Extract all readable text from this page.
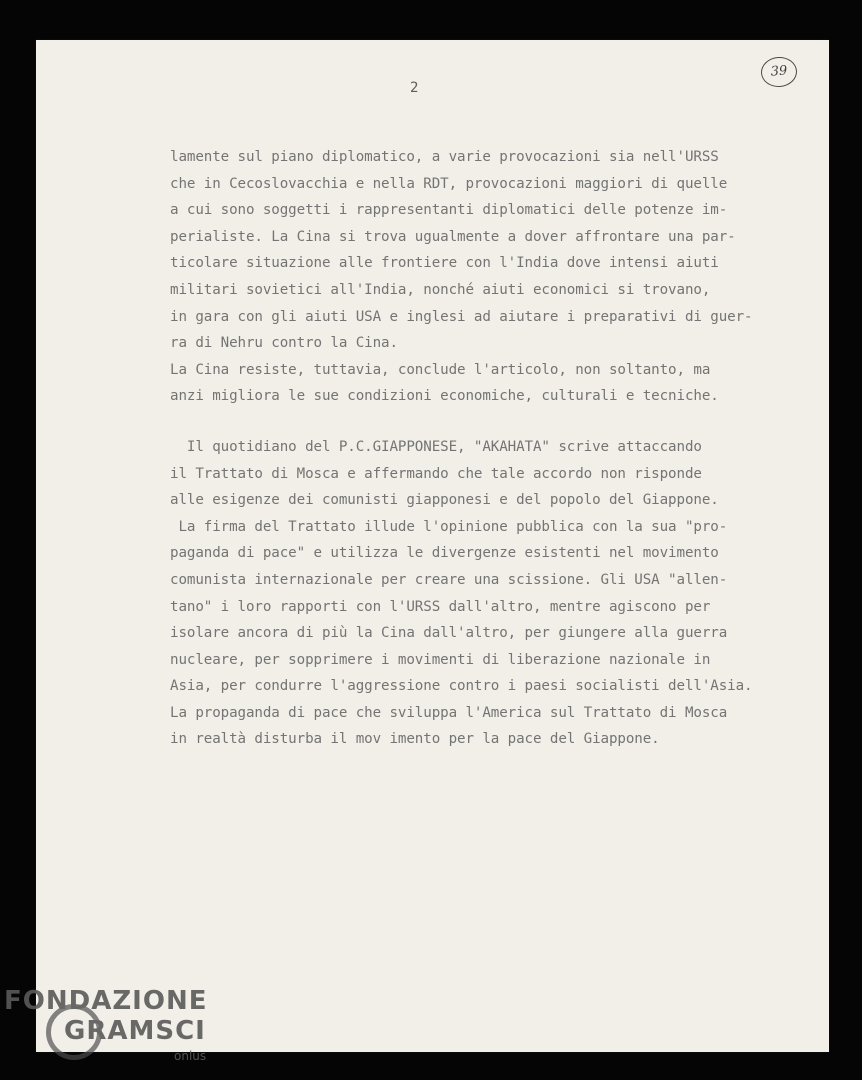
2
39
lamente sul piano diplomatico, a varie provocazioni sia nell'URSS
che in Cecoslovacchia e nella RDT, provocazioni maggiori di quelle
a cui sono soggetti i rappresentanti diplomatici delle potenze im-
perialiste. La Cina si trova ugualmente a dover affrontare una par-
ticolare situazione alle frontiere con l'India dove intensi aiuti
militari sovietici all'India, nonché aiuti economici si trovano,
in gara con gli aiuti USA e inglesi ad aiutare i preparativi di guer-
ra di Nehru contro la Cina.
La Cina resiste, tuttavia, conclude l'articolo, non soltanto, ma
anzi migliora le sue condizioni economiche, culturali e tecniche.
Il quotidiano del P.C.GIAPPONESE, "AKAHATA" scrive attaccando
il Trattato di Mosca e affermando che tale accordo non risponde
alle esigenze dei comunisti giapponesi e del popolo del Giappone.
La firma del Trattato illude l'opinione pubblica con la sua "pro-
paganda di pace" e utilizza le divergenze esistenti nel movimento
comunista internazionale per creare una scissione. Gli USA "allen-
tano" i loro rapporti con l'URSS dall'altro, mentre agiscono per
isolare ancora di più la Cina dall'altro, per giungere alla guerra
nucleare, per sopprimere i movimenti di liberazione nazionale in
Asia, per condurre l'aggressione contro i paesi socialisti dell'Asia.
La propaganda di pace che sviluppa l'America sul Trattato di Mosca
in realtà disturba il mov imento per la pace del Giappone.
FONDAZIONE
GRAMSCI
onlus
